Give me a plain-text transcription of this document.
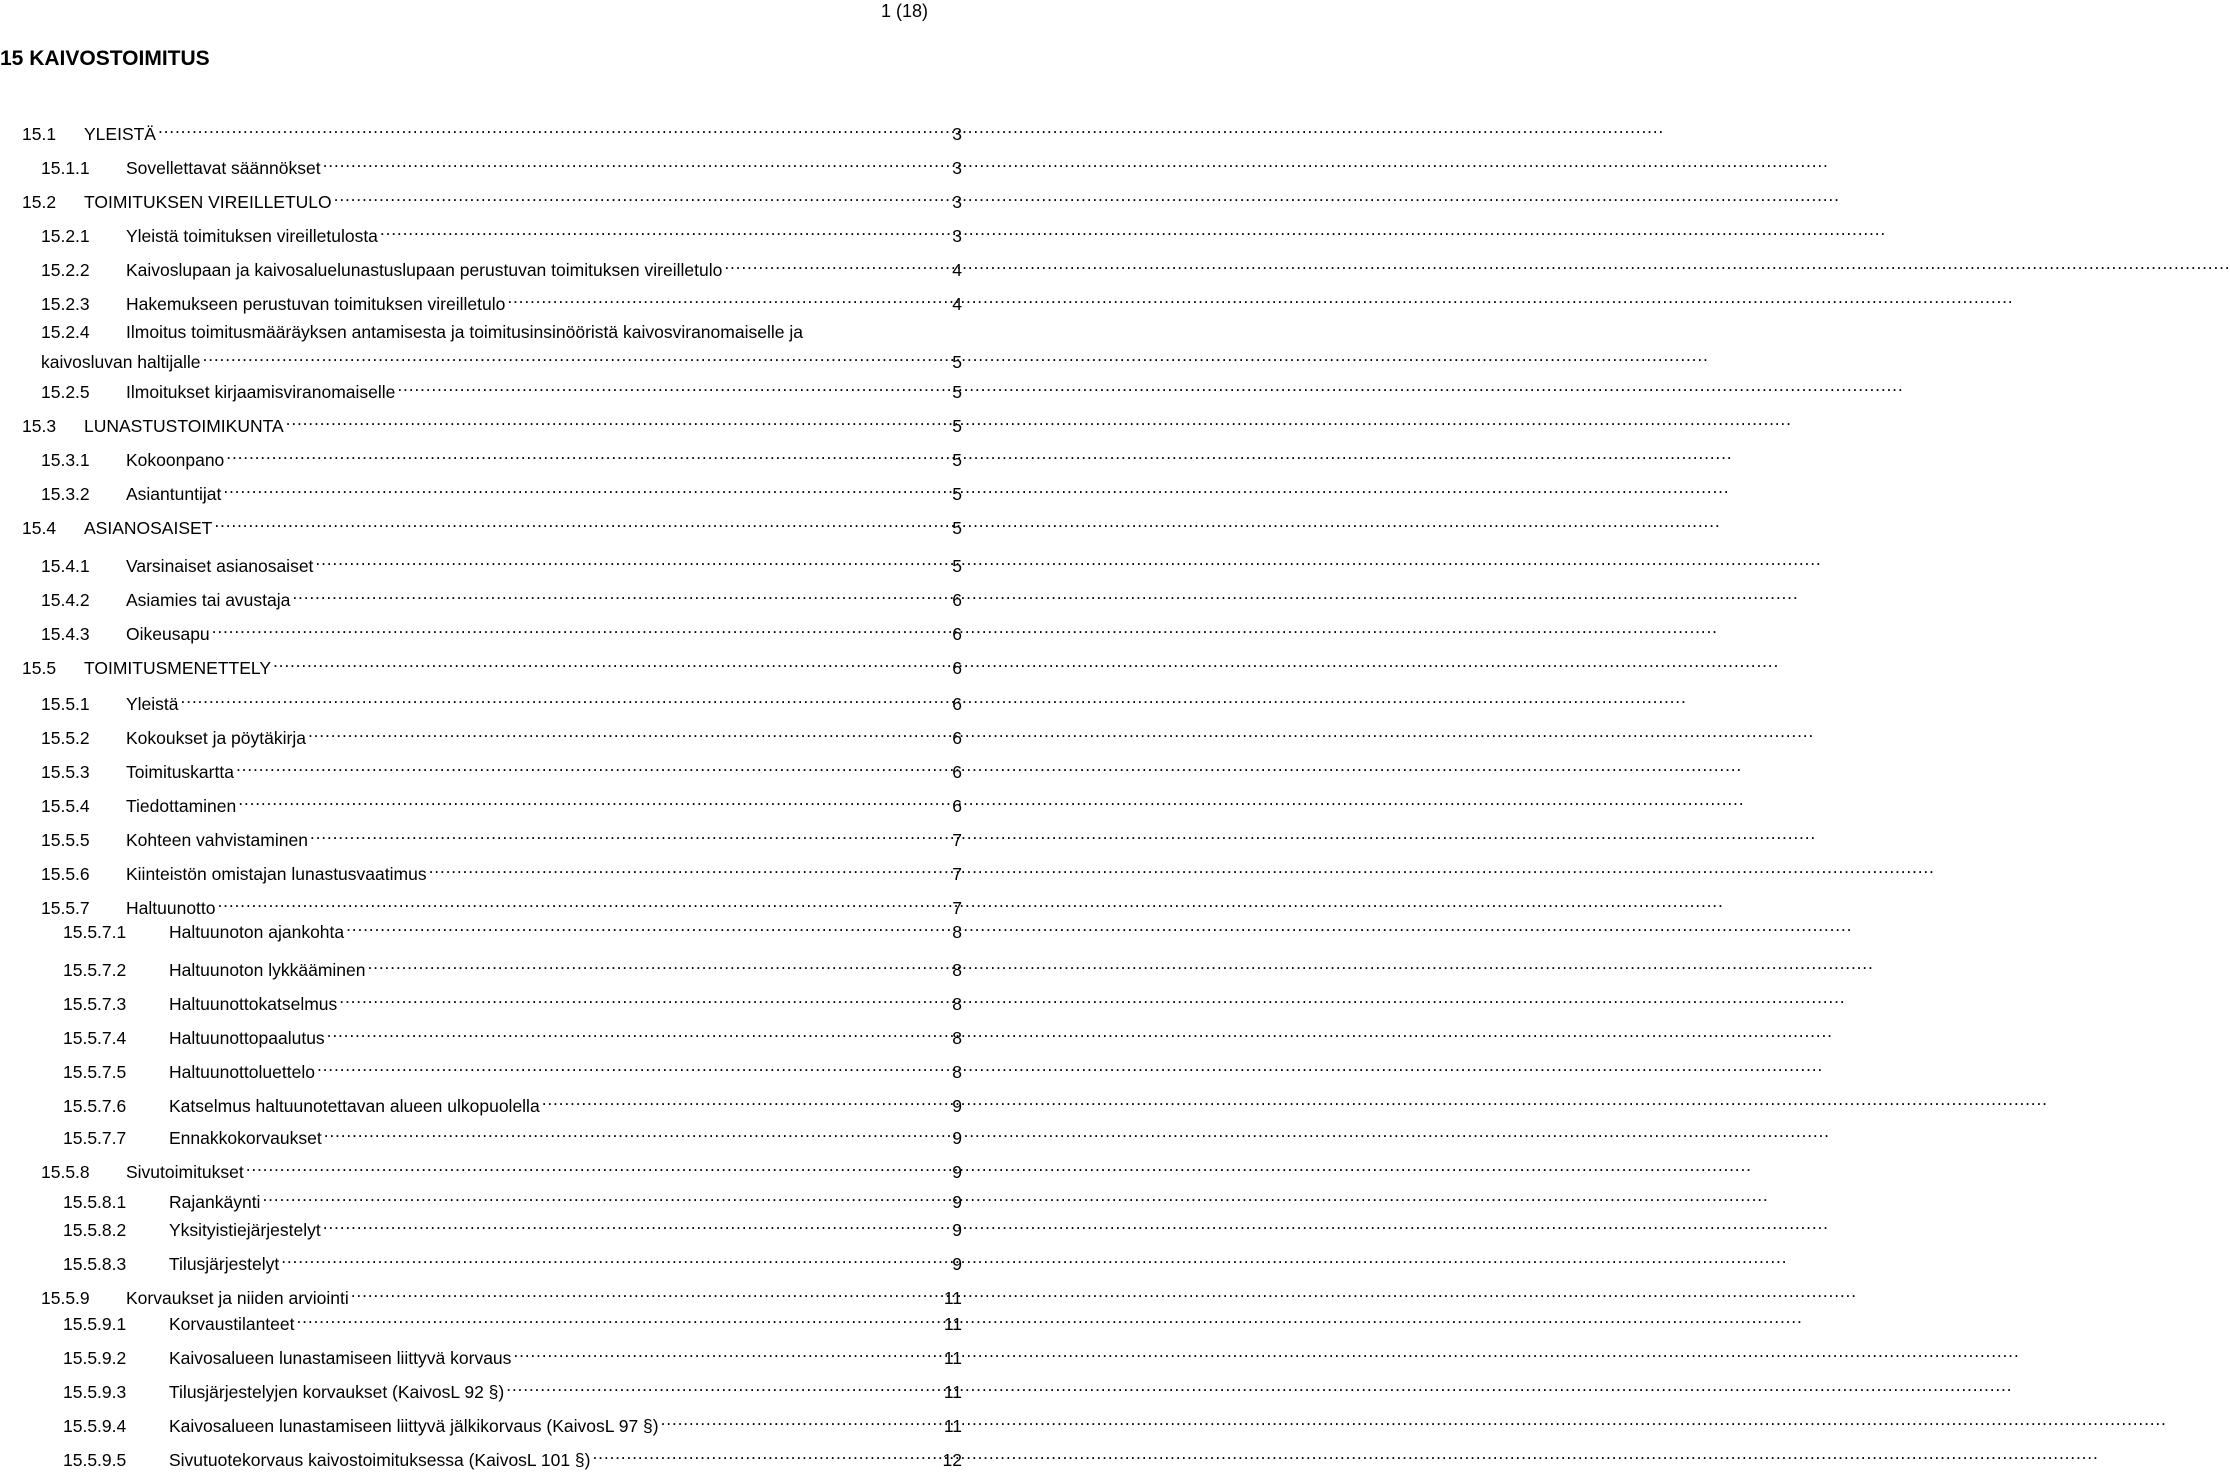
1 (18)
15 KAIVOSTOIMITUS
15.1	YLEISTÄ .....	3
15.1.1	Sovellettavat säännökset .....	3
15.2	TOIMITUKSEN VIREILLETULO .....	3
15.2.1	Yleistä toimituksen vireilletulosta .....	3
15.2.2	Kaivoslupaan ja kaivosaluelunastuslupaan perustuvan toimituksen vireilletulo .....	4
15.2.3	Hakemukseen perustuvan toimituksen vireilletulo .....	4
15.2.4	Ilmoitus toimitusmääräyksen antamisesta ja toimitusinsinööristä kaivosviranomaiselle ja
kaivosluvan haltijalle .....	5
15.2.5	Ilmoitukset kirjaamisviranomaiselle .....	5
15.3	LUNASTUSTOIMIKUNTA .....	5
15.3.1	Kokoonpano .....	5
15.3.2	Asiantuntijat .....	5
15.4	ASIANOSAISET .....	5
15.4.1	Varsinaiset asianosaiset .....	5
15.4.2	Asiamies tai avustaja .....	6
15.4.3	Oikeusapu .....	6
15.5	TOIMITUSMENETTELY .....	6
15.5.1	Yleistä .....	6
15.5.2	Kokoukset ja pöytäkirja .....	6
15.5.3	Toimituskartta .....	6
15.5.4	Tiedottaminen .....	6
15.5.5	Kohteen vahvistaminen .....	7
15.5.6	Kiinteistön omistajan lunastusvaatimus .....	7
15.5.7	Haltuunotto .....	7
15.5.7.1	Haltuunoton ajankohta .....	8
15.5.7.2	Haltuunoton lykkääminen .....	8
15.5.7.3	Haltuunottokatselmus .....	8
15.5.7.4	Haltuunottopaalutus .....	8
15.5.7.5	Haltuunottoluettelo .....	8
15.5.7.6	Katselmus haltuunotettavan alueen ulkopuolella .....	9
15.5.7.7	Ennakkokorvaukset .....	9
15.5.8	Sivutoimitukset .....	9
15.5.8.1	Rajankäynti .....	9
15.5.8.2	Yksityistiejärjestelyt .....	9
15.5.8.3	Tilusjärjestelyt .....	9
15.5.9	Korvaukset ja niiden arviointi .....	11
15.5.9.1	Korvaustilanteet .....	11
15.5.9.2	Kaivosalueen lunastamiseen liittyvä korvaus .....	11
15.5.9.3	Tilusjärjestelyjen korvaukset (KaivosL 92 §) .....	11
15.5.9.4	Kaivosalueen lunastamiseen liittyvä jälkikorvaus (KaivosL 97 §) .....	11
15.5.9.5	Sivutuotekorvaus kaivostoimituksessa (KaivosL 101 §) .....	12
